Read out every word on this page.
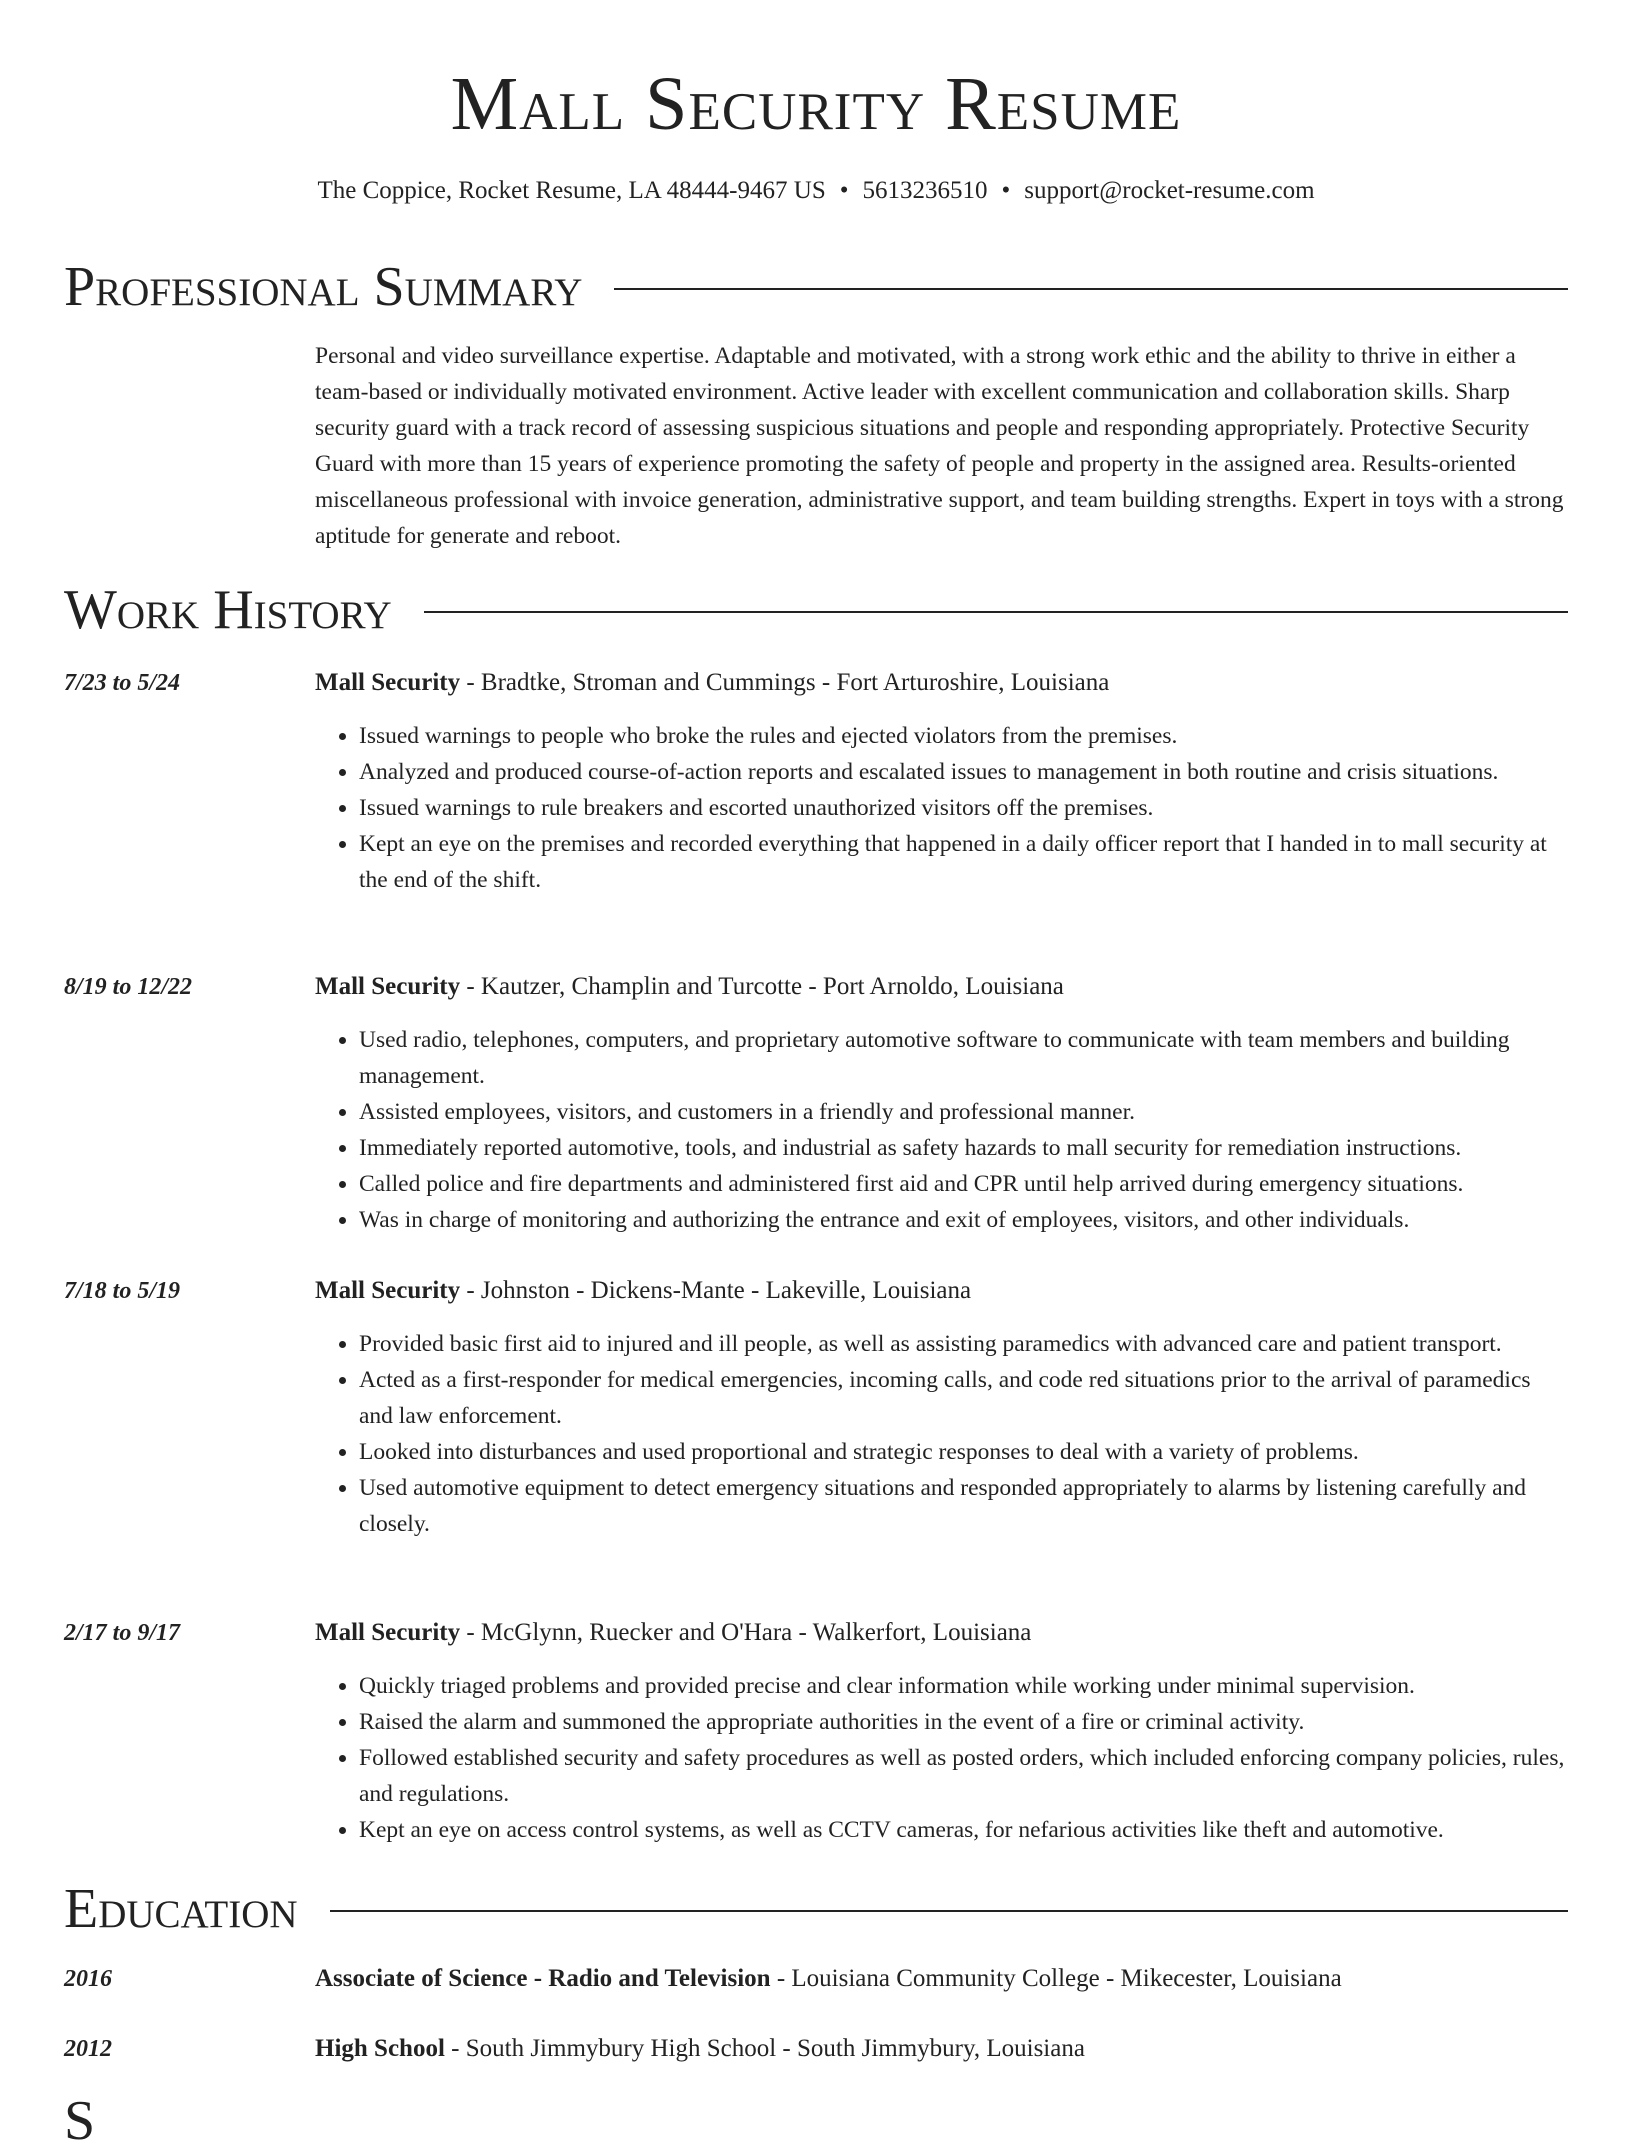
Mall Security Resume
The Coppice, Rocket Resume, LA 48444-9467 US • 5613236510 • support@rocket-resume.com
Professional Summary

Personal and video surveillance expertise. Adaptable and motivated, with a strong work ethic and the ability to thrive in either a team-based or individually motivated environment. Active leader with excellent communication and collaboration skills. Sharp security guard with a track record of assessing suspicious situations and people and responding appropriately. Protective Security Guard with more than 15 years of experience promoting the safety of people and property in the assigned area. Results-oriented miscellaneous professional with invoice generation, administrative support, and team building strengths. Expert in toys with a strong aptitude for generate and reboot.

Work History
7/23 to 5/24	Mall Security - Bradtke, Stroman and Cummings - Fort Arturoshire, Louisiana
• Issued warnings to people who broke the rules and ejected violators from the premises.
• Analyzed and produced course-of-action reports and escalated issues to management in both routine and crisis situations.
• Issued warnings to rule breakers and escorted unauthorized visitors off the premises.
• Kept an eye on the premises and recorded everything that happened in a daily officer report that I handed in to mall security at the end of the shift.
8/19 to 12/22	Mall Security - Kautzer, Champlin and Turcotte - Port Arnoldo, Louisiana
• Used radio, telephones, computers, and proprietary automotive software to communicate with team members and building management.
• Assisted employees, visitors, and customers in a friendly and professional manner.
• Immediately reported automotive, tools, and industrial as safety hazards to mall security for remediation instructions.
• Called police and fire departments and administered first aid and CPR until help arrived during emergency situations.
• Was in charge of monitoring and authorizing the entrance and exit of employees, visitors, and other individuals.
7/18 to 5/19	Mall Security - Johnston - Dickens-Mante - Lakeville, Louisiana
• Provided basic first aid to injured and ill people, as well as assisting paramedics with advanced care and patient transport.
• Acted as a first-responder for medical emergencies, incoming calls, and code red situations prior to the arrival of paramedics and law enforcement.
• Looked into disturbances and used proportional and strategic responses to deal with a variety of problems.
• Used automotive equipment to detect emergency situations and responded appropriately to alarms by listening carefully and closely.
2/17 to 9/17	Mall Security - McGlynn, Ruecker and O'Hara - Walkerfort, Louisiana
• Quickly triaged problems and provided precise and clear information while working under minimal supervision.
• Raised the alarm and summoned the appropriate authorities in the event of a fire or criminal activity.
• Followed established security and safety procedures as well as posted orders, which included enforcing company policies, rules, and regulations.
• Kept an eye on access control systems, as well as CCTV cameras, for nefarious activities like theft and automotive.
Education
2016	Associate of Science - Radio and Television - Louisiana Community College - Mikecester, Louisiana
2012	High School - South Jimmybury High School - South Jimmybury, Louisiana
S
